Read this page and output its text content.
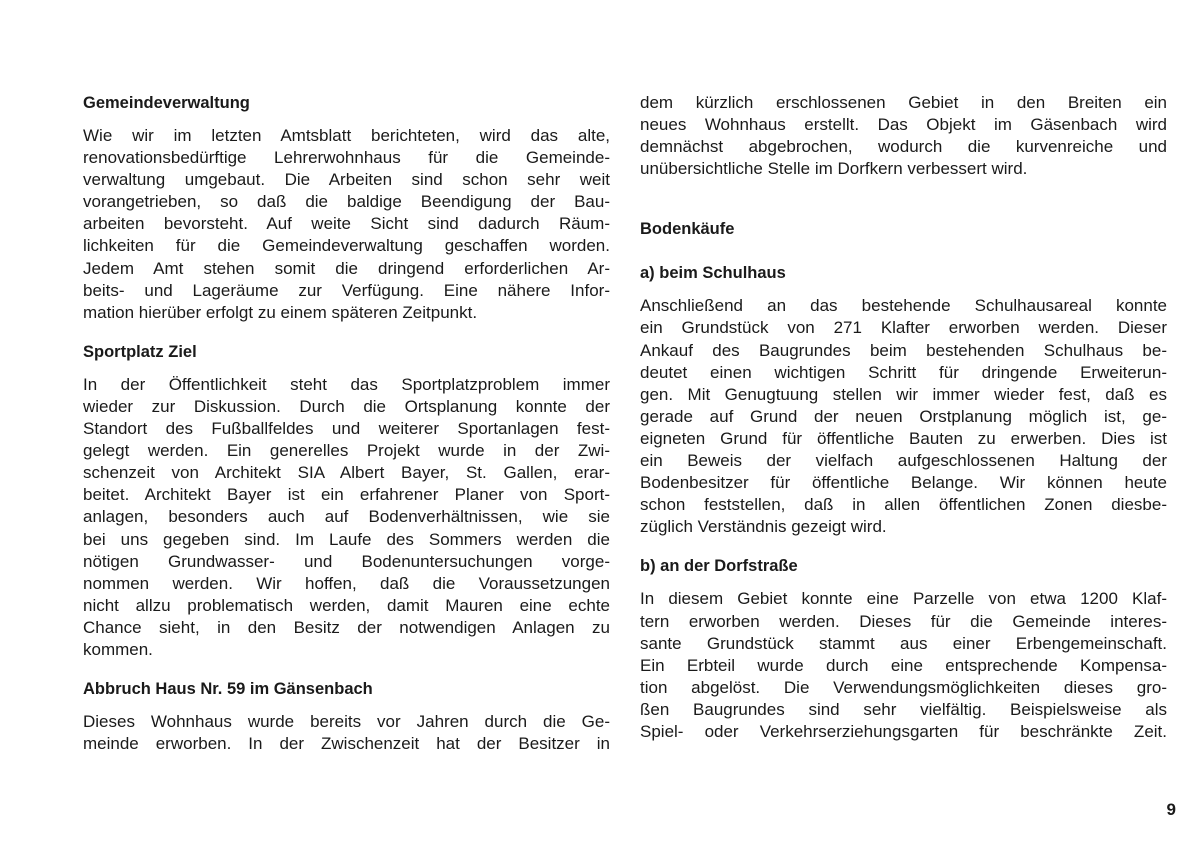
Gemeindeverwaltung

Wie wir im letzten Amtsblatt berichteten, wird das alte,
renovationsbedürftige Lehrerwohnhaus für die Gemeinde-
verwaltung umgebaut. Die Arbeiten sind schon sehr weit
vorangetrieben, so daß die baldige Beendigung der Bau-
arbeiten bevorsteht. Auf weite Sicht sind dadurch Räum-
lichkeiten für die Gemeindeverwaltung geschaffen worden.
Jedem Amt stehen somit die dringend erforderlichen Ar-
beits- und Lageräume zur Verfügung. Eine nähere Infor-
mation hierüber erfolgt zu einem späteren Zeitpunkt.

Sportplatz Ziel

In der Öffentlichkeit steht das Sportplatzproblem immer
wieder zur Diskussion. Durch die Ortsplanung konnte der
Standort des Fußballfeldes und weiterer Sportanlagen fest-
gelegt werden. Ein generelles Projekt wurde in der Zwi-
schenzeit von Architekt SIA Albert Bayer, St. Gallen, erar-
beitet. Architekt Bayer ist ein erfahrener Planer von Sport-
anlagen, besonders auch auf Bodenverhältnissen, wie sie
bei uns gegeben sind. Im Laufe des Sommers werden die
nötigen Grundwasser- und Bodenuntersuchungen vorge-
nommen werden. Wir hoffen, daß die Voraussetzungen
nicht allzu problematisch werden, damit Mauren eine echte
Chance sieht, in den Besitz der notwendigen Anlagen zu
kommen.

Abbruch Haus Nr. 59 im Gänsenbach

Dieses Wohnhaus wurde bereits vor Jahren durch die Ge-
meinde erworben. In der Zwischenzeit hat der Besitzer in

dem kürzlich erschlossenen Gebiet in den Breiten ein
neues Wohnhaus erstellt. Das Objekt im Gäsenbach wird
demnächst abgebrochen, wodurch die kurvenreiche und
unübersichtliche Stelle im Dorfkern verbessert wird.

Bodenkäufe
a) beim Schulhaus

Anschließend an das bestehende Schulhausareal konnte
ein Grundstück von 271 Klafter erworben werden. Dieser
Ankauf des Baugrundes beim bestehenden Schulhaus be-
deutet einen wichtigen Schritt für dringende Erweiterun-
gen. Mit Genugtuung stellen wir immer wieder fest, daß es
gerade auf Grund der neuen Orstplanung möglich ist, ge-
eigneten Grund für öffentliche Bauten zu erwerben. Dies ist
ein Beweis der vielfach aufgeschlossenen Haltung der
Bodenbesitzer für öffentliche Belange. Wir können heute
schon feststellen, daß in allen öffentlichen Zonen diesbe-
züglich Verständnis gezeigt wird.

b) an der Dorfstraße

In diesem Gebiet konnte eine Parzelle von etwa 1200 Klaf-
tern erworben werden. Dieses für die Gemeinde interes-
sante Grundstück stammt aus einer Erbengemeinschaft.
Ein Erbteil wurde durch eine entsprechende Kompensa-
tion abgelöst. Die Verwendungsmöglichkeiten dieses gro-
ßen Baugrundes sind sehr vielfältig. Beispielsweise als
Spiel- oder Verkehrserziehungsgarten für beschränkte Zeit.

9
